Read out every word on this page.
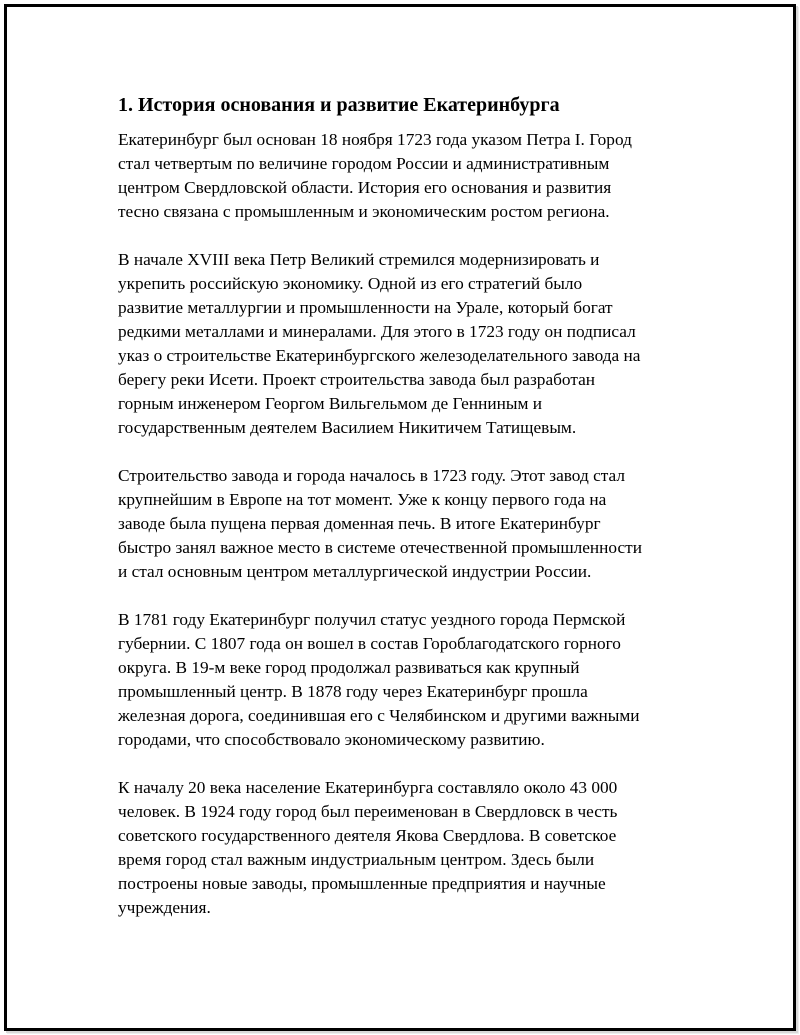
1. История основания и развитие Екатеринбурга
Екатеринбург был основан 18 ноября 1723 года указом Петра I. Город
стал четвертым по величине городом России и административным
центром Свердловской области. История его основания и развития
тесно связана с промышленным и экономическим ростом региона.
В начале XVIII века Петр Великий стремился модернизировать и
укрепить российскую экономику. Одной из его стратегий было
развитие металлургии и промышленности на Урале, который богат
редкими металлами и минералами. Для этого в 1723 году он подписал
указ о строительстве Екатеринбургского железоделательного завода на
берегу реки Исети. Проект строительства завода был разработан
горным инженером Георгом Вильгельмом де Генниным и
государственным деятелем Василием Никитичем Татищевым.
Строительство завода и города началось в 1723 году. Этот завод стал
крупнейшим в Европе на тот момент. Уже к концу первого года на
заводе была пущена первая доменная печь. В итоге Екатеринбург
быстро занял важное место в системе отечественной промышленности
и стал основным центром металлургической индустрии России.
В 1781 году Екатеринбург получил статус уездного города Пермской
губернии. С 1807 года он вошел в состав Гороблагодатского горного
округа. В 19-м веке город продолжал развиваться как крупный
промышленный центр. В 1878 году через Екатеринбург прошла
железная дорога, соединившая его с Челябинском и другими важными
городами, что способствовало экономическому развитию.
К началу 20 века население Екатеринбурга составляло около 43 000
человек. В 1924 году город был переименован в Свердловск в честь
советского государственного деятеля Якова Свердлова. В советское
время город стал важным индустриальным центром. Здесь были
построены новые заводы, промышленные предприятия и научные
учреждения.
